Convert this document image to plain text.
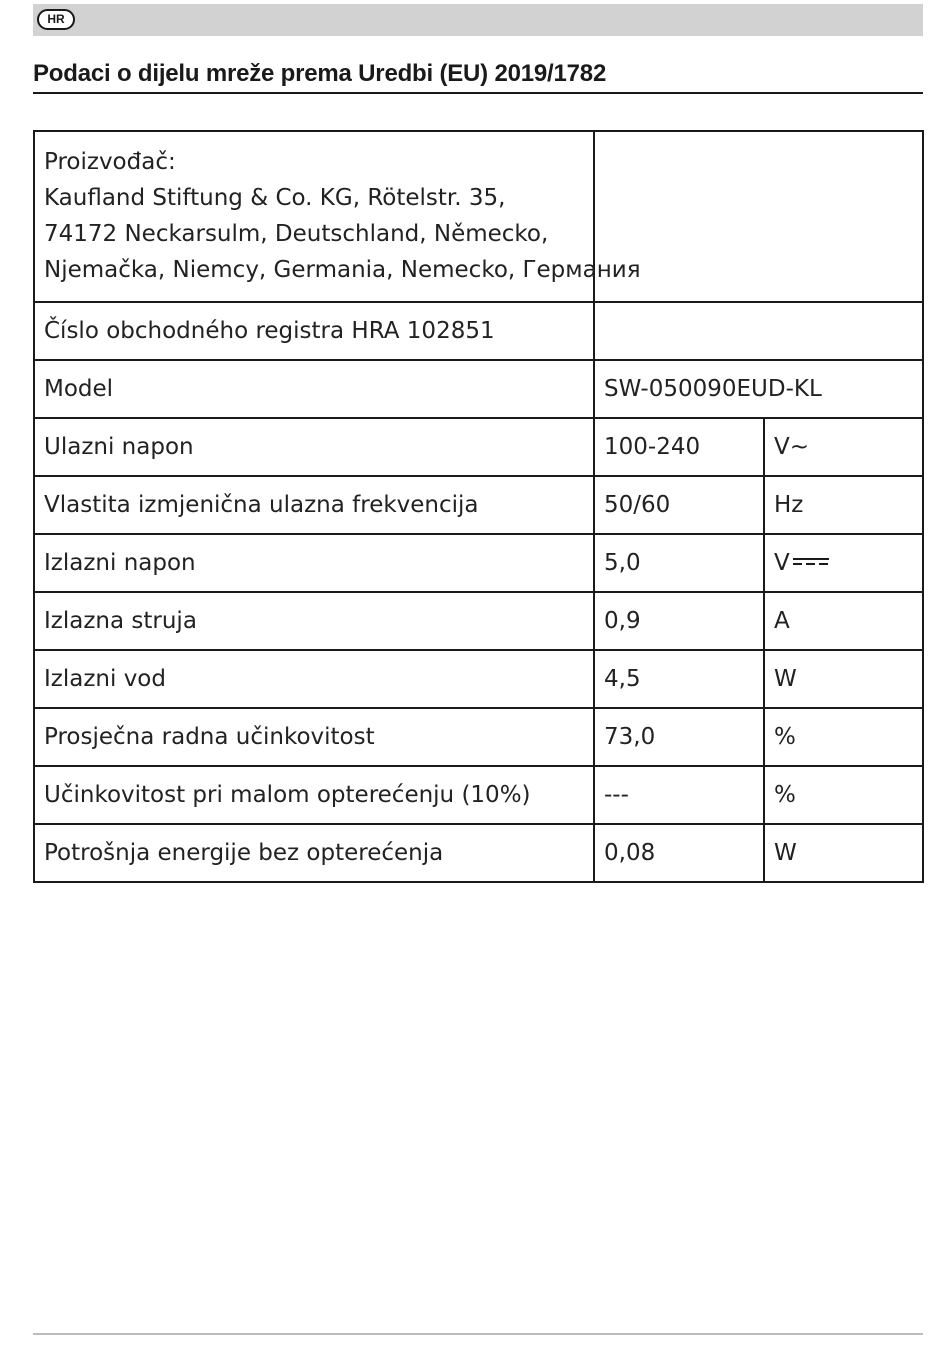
HR
Podaci o dijelu mreže prema Uredbi (EU) 2019/1782
Proizvođač:
Kaufland Stiftung & Co. KG, Rötelstr. 35,
74172 Neckarsulm, Deutschland, Německo,
Njemačka, Niemcy, Germania, Nemecko, Германия		

Číslo obchodného registra HRA 102851		
Model	SW-050090EUD-KL	
Ulazni napon	100-240	V~
Vlastita izmjenična ulazna frekvencija	50/60	Hz
Izlazni napon	5,0	V

Izlazna struja	0,9	A
Izlazni vod	4,5	W
Prosječna radna učinkovitost	73,0	%
Učinkovitost pri malom opterećenju (10%)	---	%
Potrošnja energije bez opterećenja	0,08	W
